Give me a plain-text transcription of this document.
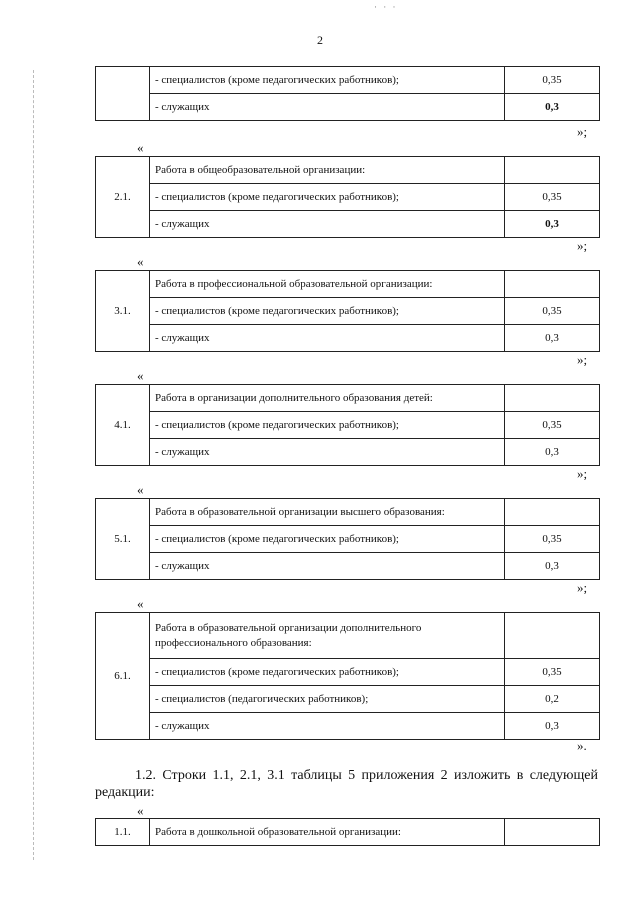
· · ·
2
	- специалистов (кроме педагогических работников);	0,35
	- служащих	0,3
»;
«
2.1.	Работа в общеобразовательной организации:	
	- специалистов (кроме педагогических работников);	0,35
	- служащих	0,3
»;
«
3.1.	Работа в профессиональной образовательной организации:	
	- специалистов (кроме педагогических работников);	0,35
	- служащих	0,3
»;
«
4.1.	Работа в организации дополнительного образования детей:	
	- специалистов (кроме педагогических работников);	0,35
	- служащих	0,3
»;
«
5.1.	Работа в образовательной организации высшего образования:	
	- специалистов (кроме педагогических работников);	0,35
	- служащих	0,3
»;
«
6.1.	Работа в образовательной организации дополнительного профессионального образования:	
	- специалистов (кроме педагогических работников);	0,35
	- специалистов (педагогических работников);	0,2
	- служащих	0,3
».
1.2. Строки 1.1, 2.1, 3.1 таблицы 5 приложения 2 изложить в следующей редакции:
«
1.1.	Работа в дошкольной образовательной организации:	
